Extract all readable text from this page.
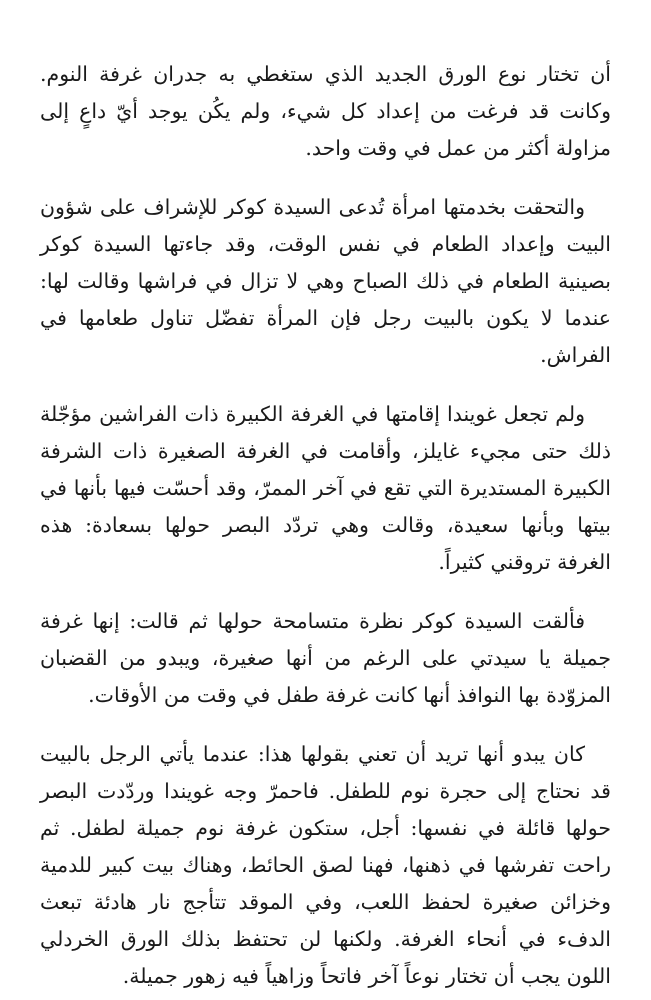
أن تختار نوع الورق الجديد الذي ستغطي به جدران غرفة النوم. وكانت قد فرغت من إعداد كل شيء، ولم يكُن يوجد أيّ داعٍ إلى مزاولة أكثر من عمل في وقت واحد.

والتحقت بخدمتها امرأة تُدعى السيدة كوكر للإشراف على شؤون البيت وإعداد الطعام في نفس الوقت، وقد جاءتها السيدة كوكر بصينية الطعام في ذلك الصباح وهي لا تزال في فراشها وقالت لها: عندما لا يكون بالبيت رجل فإن المرأة تفضّل تناول طعامها في الفراش.

ولم تجعل غويندا إقامتها في الغرفة الكبيرة ذات الفراشين مؤجّلة ذلك حتى مجيء غايلز، وأقامت في الغرفة الصغيرة ذات الشرفة الكبيرة المستديرة التي تقع في آخر الممرّ، وقد أحسّت فيها بأنها في بيتها وبأنها سعيدة، وقالت وهي تردّد البصر حولها بسعادة: هذه الغرفة تروقني كثيراً.

فألقت السيدة كوكر نظرة متسامحة حولها ثم قالت: إنها غرفة جميلة يا سيدتي على الرغم من أنها صغيرة، ويبدو من القضبان المزوّدة بها النوافذ أنها كانت غرفة طفل في وقت من الأوقات.

كان يبدو أنها تريد أن تعني بقولها هذا: عندما يأتي الرجل بالبيت قد نحتاج إلى حجرة نوم للطفل. فاحمرّ وجه غويندا وردّدت البصر حولها قائلة في نفسها: أجل، ستكون غرفة نوم جميلة لطفل. ثم راحت تفرشها في ذهنها، فهنا لصق الحائط، وهناك بيت كبير للدمية وخزائن صغيرة لحفظ اللعب، وفي الموقد تتأجج نار هادئة تبعث الدفء في أنحاء الغرفة. ولكنها لن تحتفظ بذلك الورق الخردلي اللون يجب أن تختار نوعاً آخر فاتحاً وزاهياً فيه زهور جميلة.
